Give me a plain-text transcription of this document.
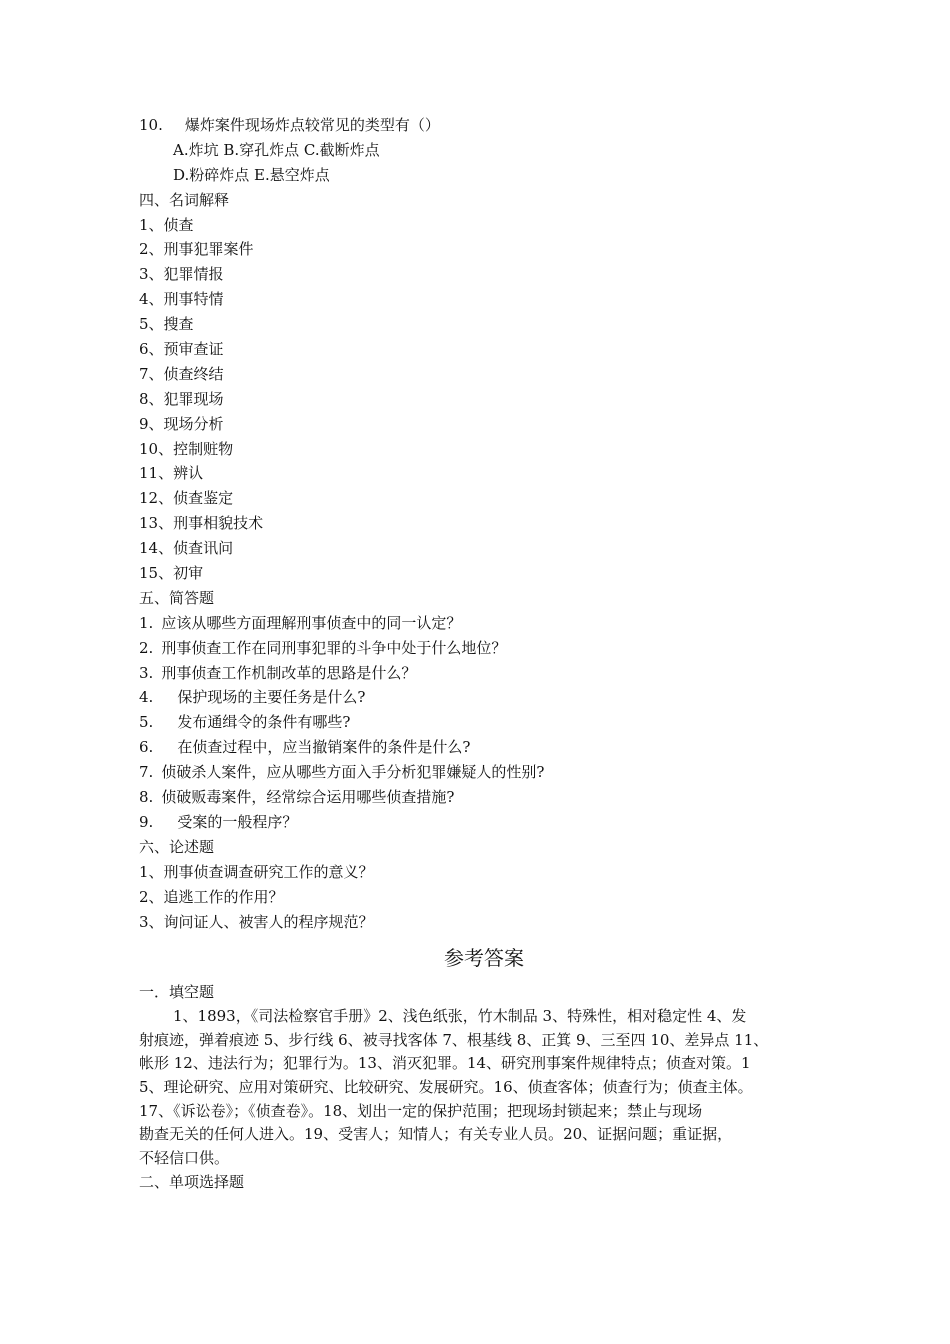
10. 爆炸案件现场炸点较常见的类型有（）
A.炸坑 B.穿孔炸点 C.截断炸点
D.粉碎炸点 E.悬空炸点
四、名词解释
1、侦查
2、刑事犯罪案件
3、犯罪情报
4、刑事特情
5、搜查
6、预审查证
7、侦查终结
8、犯罪现场
9、现场分析
10、控制赃物
11、辨认
12、侦查鉴定
13、刑事相貌技术
14、侦查讯问
15、初审
五、简答题
1. 应该从哪些方面理解刑事侦查中的同一认定？
2. 刑事侦查工作在同刑事犯罪的斗争中处于什么地位？
3. 刑事侦查工作机制改革的思路是什么？
4. 保护现场的主要任务是什么?
5. 发布通缉令的条件有哪些?
6. 在侦查过程中，应当撤销案件的条件是什么?
7. 侦破杀人案件，应从哪些方面入手分析犯罪嫌疑人的性别?
8. 侦破贩毒案件，经常综合运用哪些侦查措施?
9. 受案的一般程序？
六、论述题
1、刑事侦查调查研究工作的意义？
2、追逃工作的作用？
3、询问证人、被害人的程序规范？
参考答案
一．填空题
1、1893，《司法检察官手册》2、浅色纸张，竹木制品 3、特殊性，相对稳定性 4、发
射痕迹，弹着痕迹 5、步行线 6、被寻找客体 7、根基线 8、正箕 9、三至四 10、差异点 11、
帐形 12、违法行为；犯罪行为。13、消灭犯罪。14、研究刑事案件规律特点；侦查对策。1
5、理论研究、应用对策研究、比较研究、发展研究。16、侦查客体；侦查行为；侦查主体。
17、《诉讼卷》；《侦查卷》。18、划出一定的保护范围；把现场封锁起来；禁止与现场
勘查无关的任何人进入。19、受害人；知情人；有关专业人员。20、证据问题；重证据，
不轻信口供。
二、单项选择题
